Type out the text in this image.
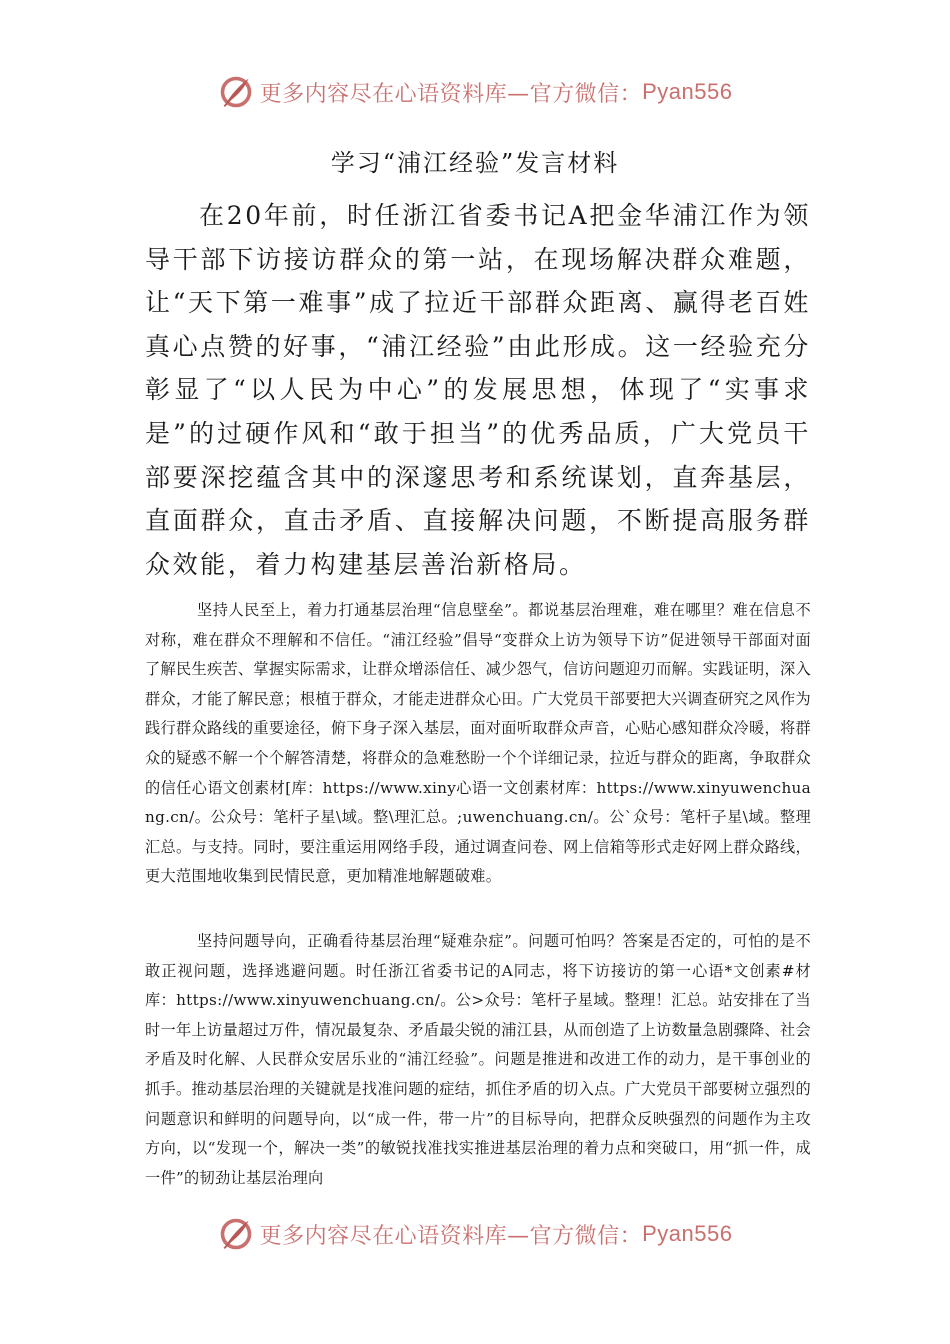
更多内容尽在心语资料库—官方微信： Pyan556
学习“浦江经验”发言材料

在20年前，时任浙江省委书记A把金华浦江作为领导干部下访接访群众的第一站，在现场解决群众难题，让“天下第一难事”成了拉近干部群众距离、赢得老百姓真心点赞的好事，“浦江经验”由此形成。这一经验充分彰显了“以人民为中心”的发展思想，体现了“实事求是”的过硬作风和“敢于担当”的优秀品质，广大党员干部要深挖蕴含其中的深邃思考和系统谋划，直奔基层，直面群众，直击矛盾、直接解决问题，不断提高服务群众效能，着力构建基层善治新格局。

坚持人民至上，着力打通基层治理“信息壁垒”。都说基层治理难，难在哪里？难在信息不对称，难在群众不理解和不信任。“浦江经验”倡导“变群众上访为领导下访”促进领导干部面对面了解民生疾苦、掌握实际需求，让群众增添信任、减少怨气，信访问题迎刃而解。实践证明，深入群众，才能了解民意；根植于群众，才能走进群众心田。广大党员干部要把大兴调查研究之风作为践行群众路线的重要途径，俯下身子深入基层，面对面听取群众声音，心贴心感知群众冷暖，将群众的疑惑不解一个个解答清楚，将群众的急难愁盼一个个详细记录，拉近与群众的距离，争取群众的信任心语文创素材[库：https://www.xiny心语一文创素材库：https://www.xinyuwenchuang.cn/。公众号：笔杆子星\域。整\理汇总。;uwenchuang.cn/。公`众号：笔杆子星\域。整理汇总。与支持。同时，要注重运用网络手段，通过调查问卷、网上信箱等形式走好网上群众路线，更大范围地收集到民情民意，更加精准地解题破难。

坚持问题导向，正确看待基层治理“疑难杂症”。问题可怕吗？答案是否定的，可怕的是不敢正视问题，选择逃避问题。时任浙江省委书记的A同志，将下访接访的第一心语*文创素#材库：https://www.xinyuwenchuang.cn/。公>众号：笔杆子星域。整理！汇总。站安排在了当时一年上访量超过万件，情况最复杂、矛盾最尖锐的浦江县，从而创造了上访数量急剧骤降、社会矛盾及时化解、人民群众安居乐业的“浦江经验”。问题是推进和改进工作的动力，是干事创业的抓手。推动基层治理的关键就是找准问题的症结，抓住矛盾的切入点。广大党员干部要树立强烈的问题意识和鲜明的问题导向，以“成一件，带一片”的目标导向，把群众反映强烈的问题作为主攻方向，以“发现一个，解决一类”的敏锐找准找实推进基层治理的着力点和突破口，用“抓一件，成一件”的韧劲让基层治理向

更多内容尽在心语资料库—官方微信： Pyan556
